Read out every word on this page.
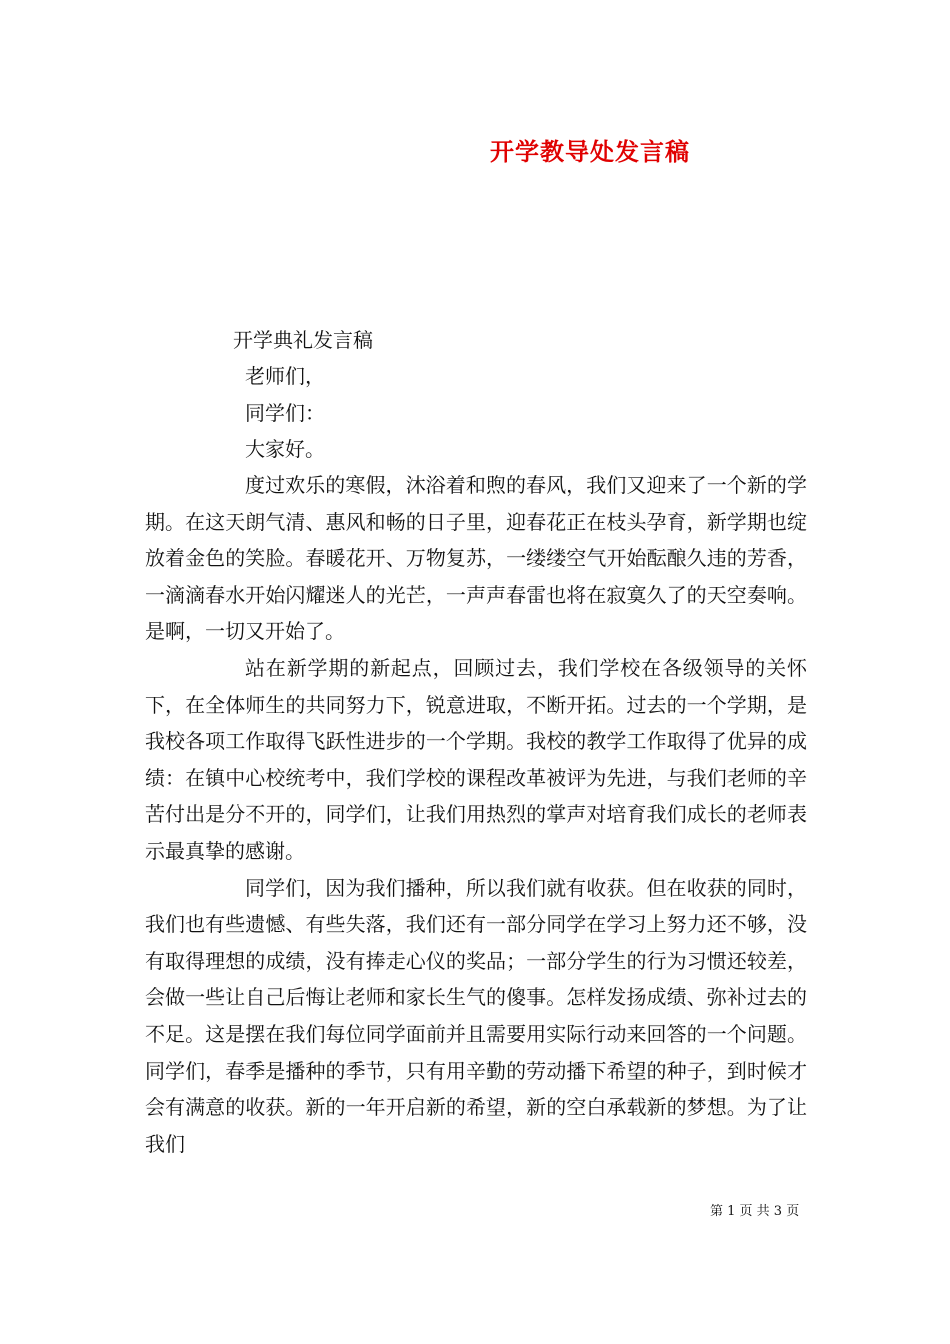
开学教导处发言稿
开学典礼发言稿
老师们，
同学们：
大家好。

度过欢乐的寒假，沐浴着和煦的春风，我们又迎来了一个新的学期。在这天朗气清、惠风和畅的日子里，迎春花正在枝头孕育，新学期也绽放着金色的笑脸。春暖花开、万物复苏，一缕缕空气开始酝酿久违的芳香，一滴滴春水开始闪耀迷人的光芒，一声声春雷也将在寂寞久了的天空奏响。是啊，一切又开始了。

站在新学期的新起点，回顾过去，我们学校在各级领导的关怀下，在全体师生的共同努力下，锐意进取，不断开拓。过去的一个学期，是我校各项工作取得飞跃性进步的一个学期。我校的教学工作取得了优异的成绩：在镇中心校统考中，我们学校的课程改革被评为先进，与我们老师的辛苦付出是分不开的，同学们，让我们用热烈的掌声对培育我们成长的老师表示最真挚的感谢。

同学们，因为我们播种，所以我们就有收获。但在收获的同时，我们也有些遗憾、有些失落，我们还有一部分同学在学习上努力还不够，没有取得理想的成绩，没有捧走心仪的奖品；一部分学生的行为习惯还较差，会做一些让自己后悔让老师和家长生气的傻事。怎样发扬成绩、弥补过去的不足。这是摆在我们每位同学面前并且需要用实际行动来回答的一个问题。同学们，春季是播种的季节，只有用辛勤的劳动播下希望的种子，到时候才会有满意的收获。新的一年开启新的希望，新的空白承载新的梦想。为了让我们

第 1 页 共 3 页
